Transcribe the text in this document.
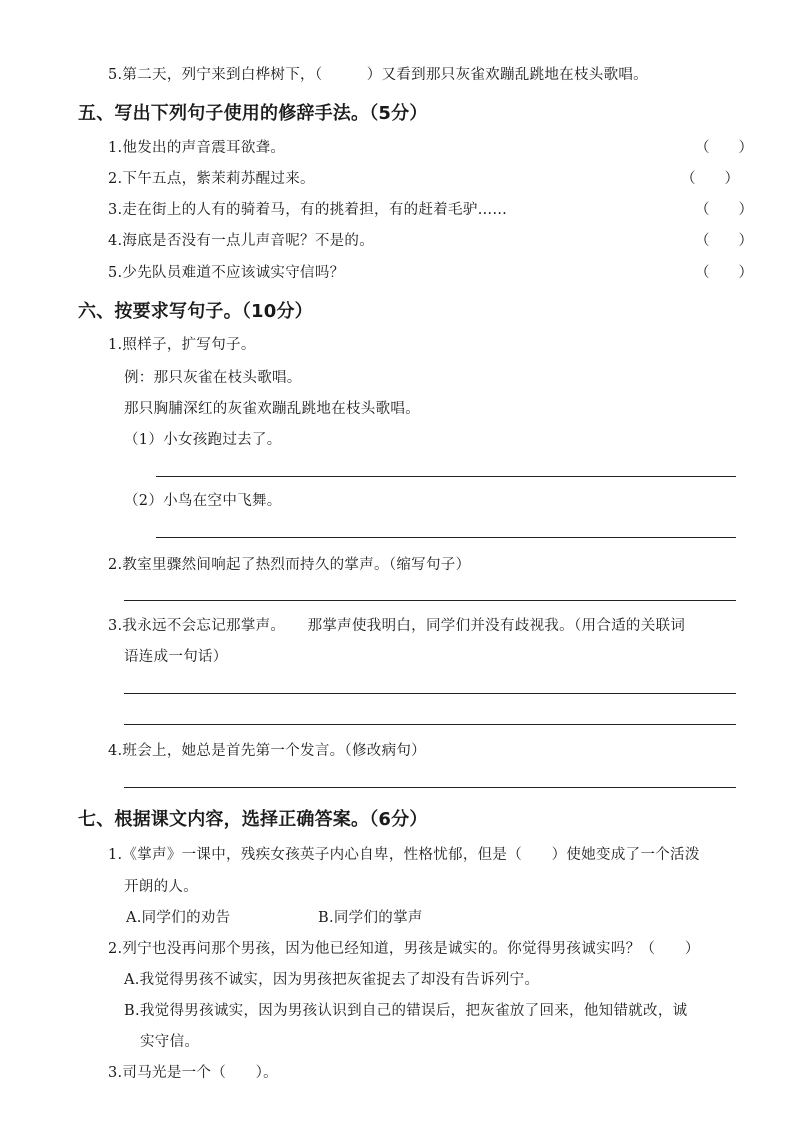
5.第二天，列宁来到白桦树下，（　　　）又看到那只灰雀欢蹦乱跳地在枝头歌唱。
五、写出下列句子使用的修辞手法。（5分）
1.他发出的声音震耳欲聋。	（　　）
2.下午五点，紫茉莉苏醒过来。	（　　）
3.走在街上的人有的骑着马，有的挑着担，有的赶着毛驴……	（　　）
4.海底是否没有一点儿声音呢？不是的。	（　　）
5.少先队员难道不应该诚实守信吗？	（　　）
六、按要求写句子。（10分）
1.照样子，扩写句子。
例：那只灰雀在枝头歌唱。
那只胸脯深红的灰雀欢蹦乱跳地在枝头歌唱。
（1）小女孩跑过去了。
（2）小鸟在空中飞舞。
2.教室里骤然间响起了热烈而持久的掌声。（缩写句子）
3.我永远不会忘记那掌声。　　那掌声使我明白，同学们并没有歧视我。（用合适的关联词
语连成一句话）
4.班会上，她总是首先第一个发言。（修改病句）
七、根据课文内容，选择正确答案。（6分）
1.《掌声》一课中，残疾女孩英子内心自卑，性格忧郁，但是（　　）使她变成了一个活泼
开朗的人。
A.同学们的劝告	B.同学们的掌声
2.列宁也没再问那个男孩，因为他已经知道，男孩是诚实的。你觉得男孩诚实吗？（　　）
A.我觉得男孩不诚实，因为男孩把灰雀捉去了却没有告诉列宁。
B.我觉得男孩诚实，因为男孩认识到自己的错误后，把灰雀放了回来，他知错就改，诚
实守信。
3.司马光是一个（　　）。
